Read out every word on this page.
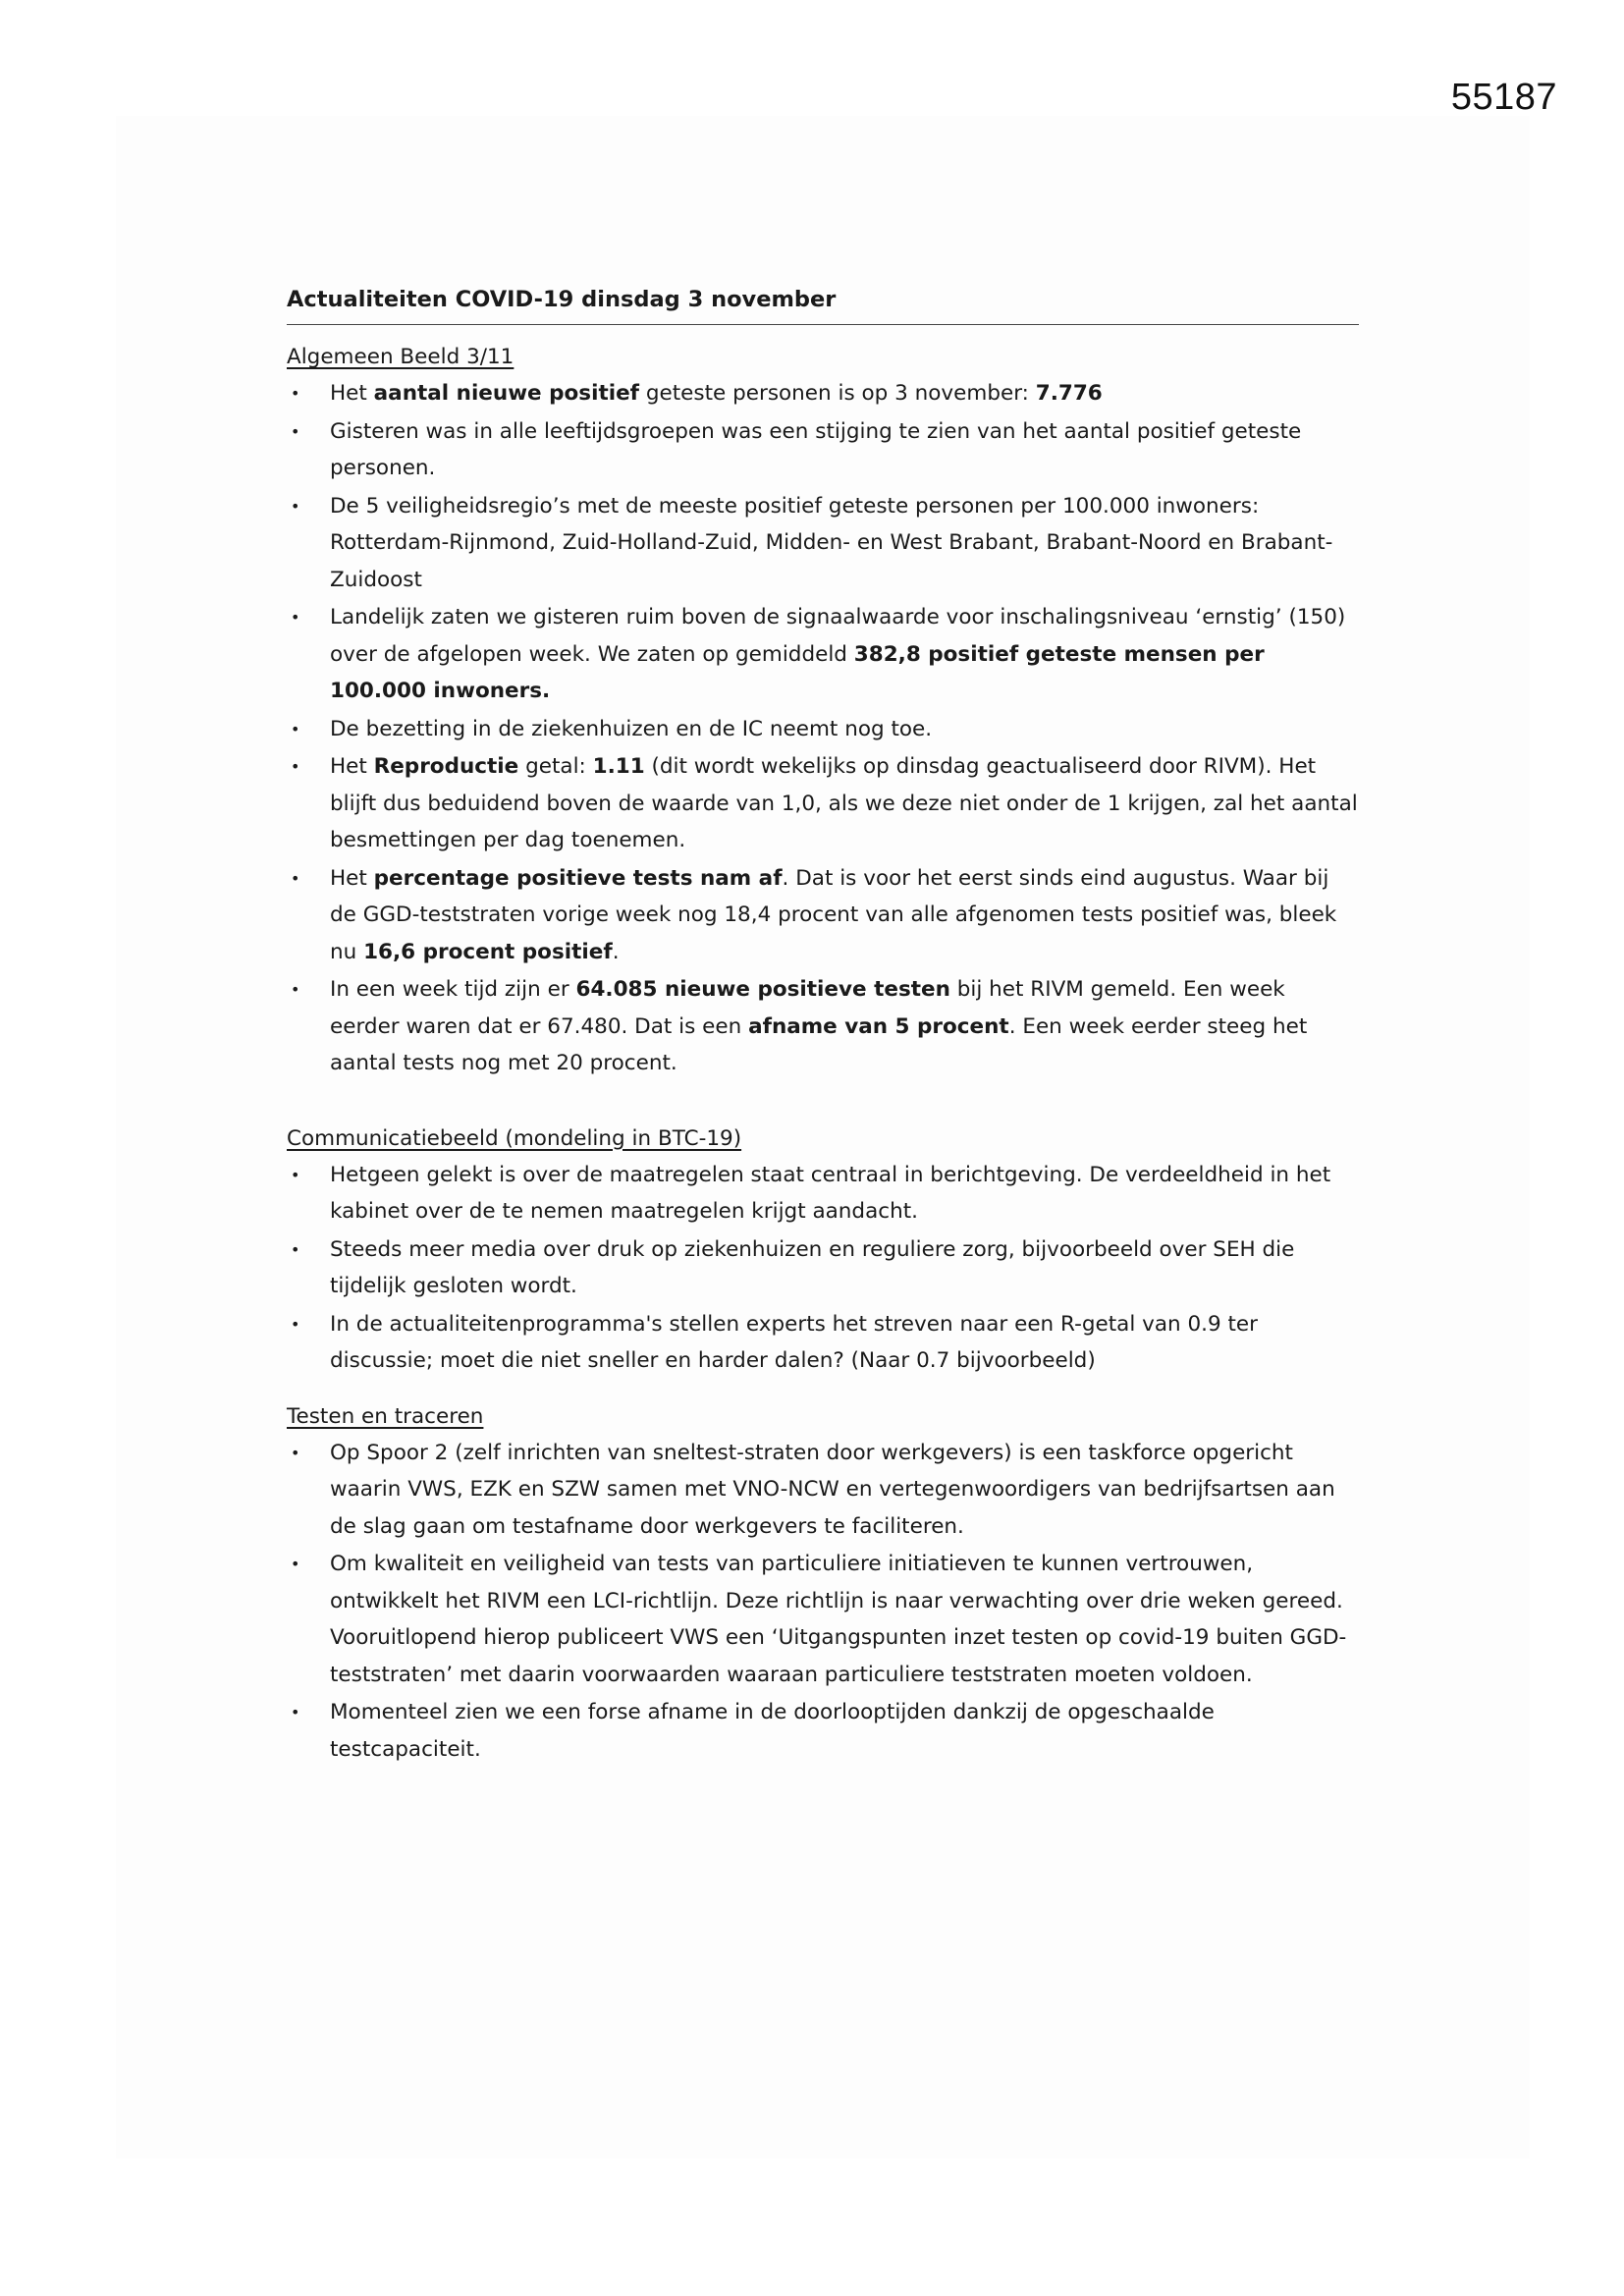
55187
Actualiteiten COVID-19 dinsdag 3 november
Algemeen Beeld 3/11
• Het aantal nieuwe positief geteste personen is op 3 november: 7.776
• Gisteren was in alle leeftijdsgroepen was een stijging te zien van het aantal positief geteste personen.
• De 5 veiligheidsregio’s met de meeste positief geteste personen per 100.000 inwoners: Rotterdam-Rijnmond, Zuid-Holland-Zuid, Midden- en West Brabant, Brabant-Noord en Brabant-Zuidoost
• Landelijk zaten we gisteren ruim boven de signaalwaarde voor inschalingsniveau ‘ernstig’ (150) over de afgelopen week. We zaten op gemiddeld 382,8 positief geteste mensen per 100.000 inwoners.
• De bezetting in de ziekenhuizen en de IC neemt nog toe.
• Het Reproductie getal: 1.11 (dit wordt wekelijks op dinsdag geactualiseerd door RIVM). Het blijft dus beduidend boven de waarde van 1,0, als we deze niet onder de 1 krijgen, zal het aantal besmettingen per dag toenemen.
• Het percentage positieve tests nam af. Dat is voor het eerst sinds eind augustus. Waar bij de GGD-teststraten vorige week nog 18,4 procent van alle afgenomen tests positief was, bleek nu 16,6 procent positief.
• In een week tijd zijn er 64.085 nieuwe positieve testen bij het RIVM gemeld. Een week eerder waren dat er 67.480. Dat is een afname van 5 procent. Een week eerder steeg het aantal tests nog met 20 procent.
Communicatiebeeld (mondeling in BTC-19)
• Hetgeen gelekt is over de maatregelen staat centraal in berichtgeving. De verdeeldheid in het kabinet over de te nemen maatregelen krijgt aandacht.
• Steeds meer media over druk op ziekenhuizen en reguliere zorg, bijvoorbeeld over SEH die tijdelijk gesloten wordt.
• In de actualiteitenprogramma's stellen experts het streven naar een R-getal van 0.9 ter discussie; moet die niet sneller en harder dalen? (Naar 0.7 bijvoorbeeld)
Testen en traceren
• Op Spoor 2 (zelf inrichten van sneltest-straten door werkgevers) is een taskforce opgericht waarin VWS, EZK en SZW samen met VNO-NCW en vertegenwoordigers van bedrijfsartsen aan de slag gaan om testafname door werkgevers te faciliteren.
• Om kwaliteit en veiligheid van tests van particuliere initiatieven te kunnen vertrouwen, ontwikkelt het RIVM een LCI-richtlijn. Deze richtlijn is naar verwachting over drie weken gereed. Vooruitlopend hierop publiceert VWS een ‘Uitgangspunten inzet testen op covid-19 buiten GGD-teststraten’ met daarin voorwaarden waaraan particuliere teststraten moeten voldoen.
• Momenteel zien we een forse afname in de doorlooptijden dankzij de opgeschaalde testcapaciteit.
